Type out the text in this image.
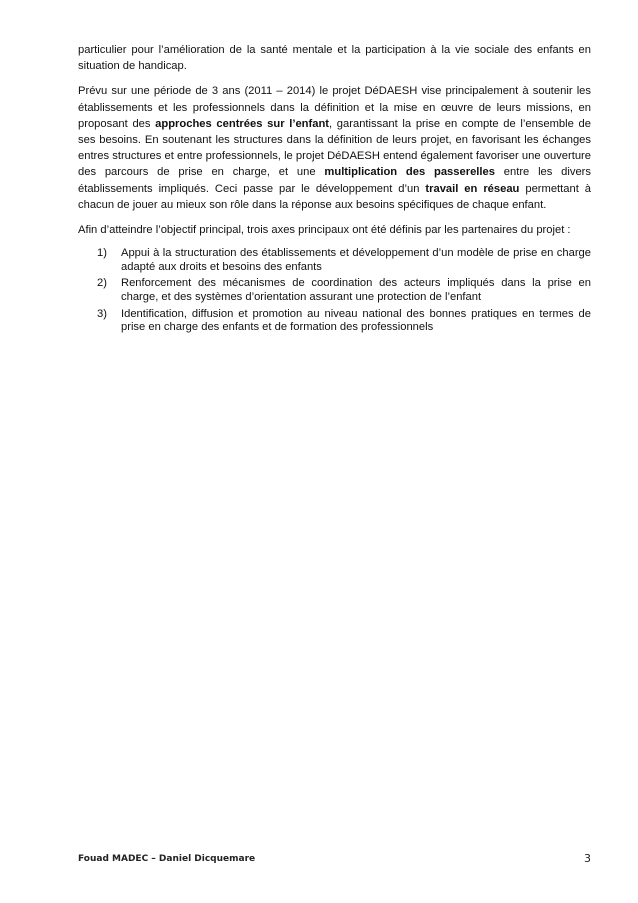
particulier pour l’amélioration de la santé mentale et la participation à la vie sociale des enfants en situation de handicap.

Prévu sur une période de 3 ans (2011 – 2014) le projet DéDAESH vise principalement à soutenir les établissements et les professionnels dans la définition et la mise en œuvre de leurs missions, en proposant des approches centrées sur l’enfant, garantissant la prise en compte de l’ensemble de ses besoins. En soutenant les structures dans la définition de leurs projet, en favorisant les échanges entres structures et entre professionnels, le projet DéDAESH entend également favoriser une ouverture des parcours de prise en charge, et une multiplication des passerelles entre les divers établissements impliqués. Ceci passe par le développement d’un travail en réseau permettant à chacun de jouer au mieux son rôle dans la réponse aux besoins spécifiques de chaque enfant.

Afin d’atteindre l’objectif principal, trois axes principaux ont été définis par les partenaires du projet :

1) Appui à la structuration des établissements et développement d’un modèle de prise en charge adapté aux droits et besoins des enfants
2) Renforcement des mécanismes de coordination des acteurs impliqués dans la prise en charge, et des systèmes d’orientation assurant une protection de l’enfant
3) Identification, diffusion et promotion au niveau national des bonnes pratiques en termes de prise en charge des enfants et de formation des professionnels
Fouad MADEC – Daniel Dicquemare	3
